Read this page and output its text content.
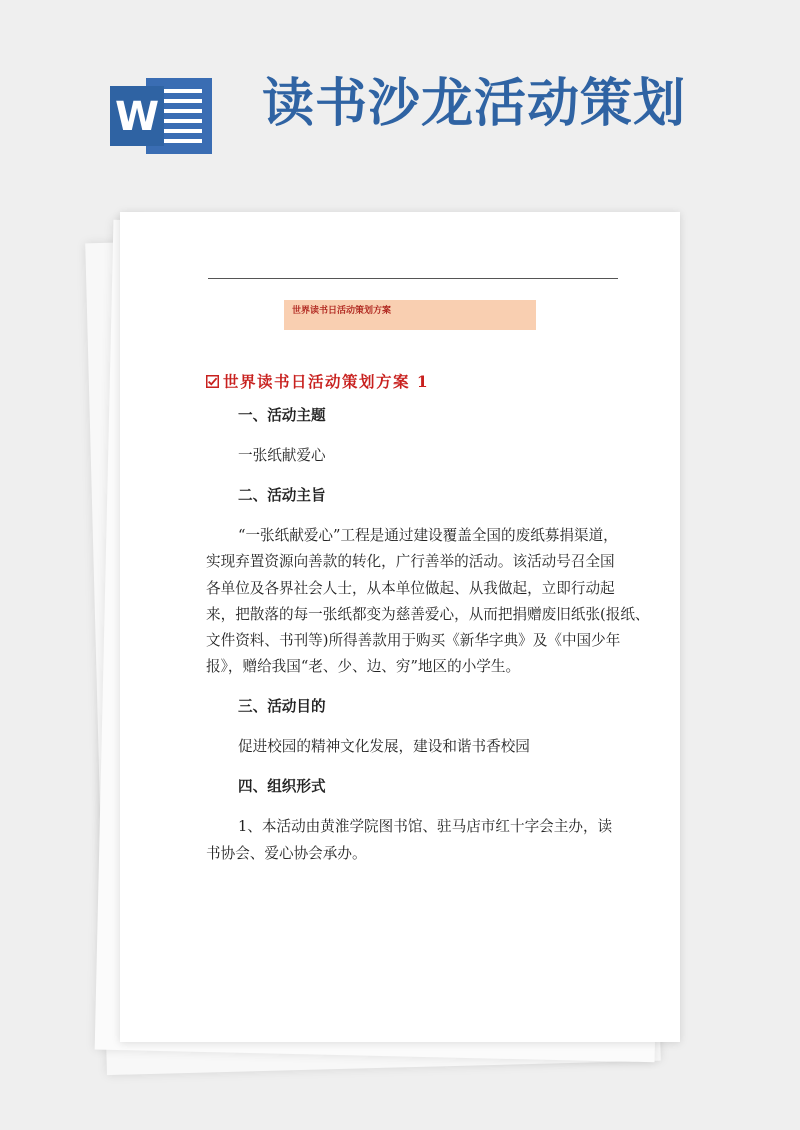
W 读书沙龙活动策划
世界读书日活动策划方案
世界读书日活动策划方案 1
一、活动主题
一张纸献爱心
二、活动主旨
“一张纸献爱心”工程是通过建设覆盖全国的废纸募捐渠道，
实现弃置资源向善款的转化，广行善举的活动。该活动号召全国
各单位及各界社会人士，从本单位做起、从我做起，立即行动起
来，把散落的每一张纸都变为慈善爱心，从而把捐赠废旧纸张(报纸、
文件资料、书刊等)所得善款用于购买《新华字典》及《中国少年
报》，赠给我国“老、少、边、穷”地区的小学生。
三、活动目的
促进校园的精神文化发展，建设和谐书香校园
四、组织形式
1、本活动由黄淮学院图书馆、驻马店市红十字会主办，读
书协会、爱心协会承办。
